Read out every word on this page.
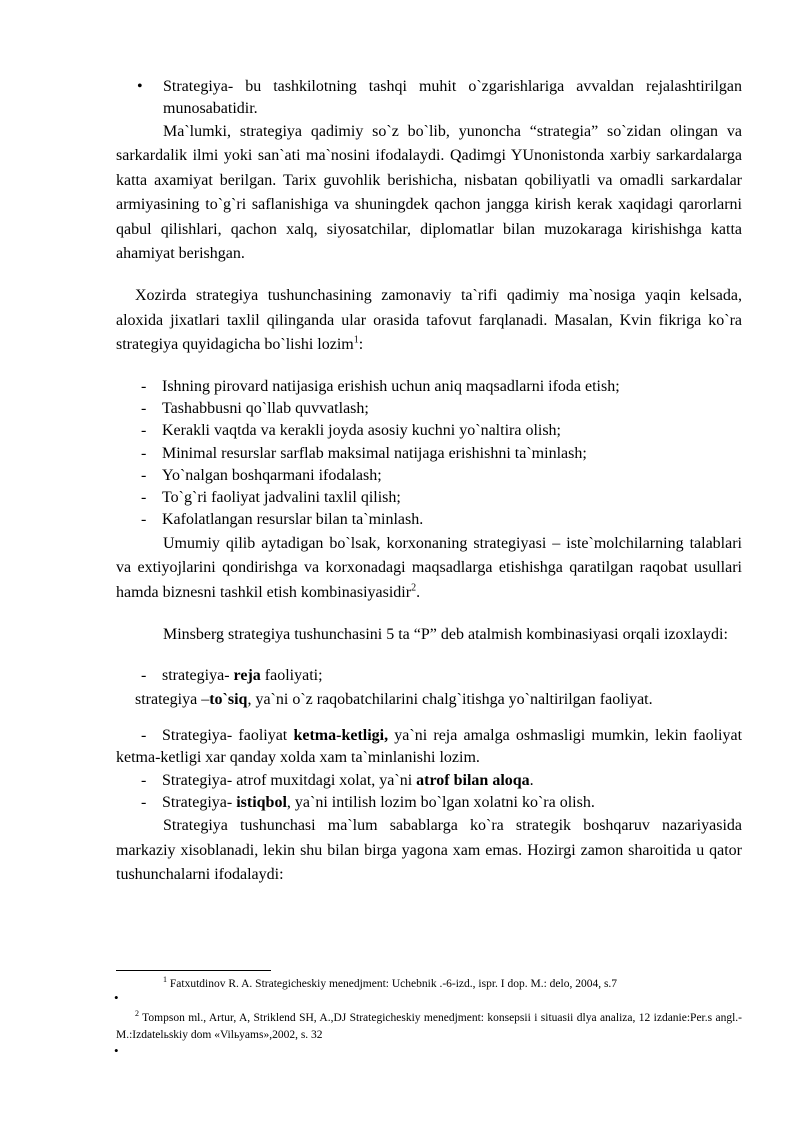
• Strategiya- bu tashkilotning tashqi muhit o`zgarishlariga avvaldan rejalashtirilgan munosabatidir.

Ma`lumki, strategiya qadimiy so`z bo`lib, yunoncha “strategia” so`zidan olingan va sarkardalik ilmi yoki san`ati ma`nosini ifodalaydi. Qadimgi YUnonistonda xarbiy sarkardalarga katta axamiyat berilgan. Tarix guvohlik berishicha, nisbatan qobiliyatli va omadli sarkardalar armiyasining to`g`ri saflanishiga va shuningdek qachon jangga kirish kerak xaqidagi qarorlarni qabul qilishlari, qachon xalq, siyosatchilar, diplomatlar bilan muzokaraga kirishishga katta ahamiyat berishgan.

Xozirda strategiya tushunchasining zamonaviy ta`rifi qadimiy ma`nosiga yaqin kelsada, aloxida jixatlari taxlil qilinganda ular orasida tafovut farqlanadi. Masalan, Kvin fikriga ko`ra strategiya quyidagicha bo`lishi lozim$^1$:

- Ishning pirovard natijasiga erishish uchun aniq maqsadlarni ifoda etish;

- Tashabbusni qo`llab quvvatlash;

- Kerakli vaqtda va kerakli joyda asosiy kuchni yo`naltira olish;

- Minimal resurslar sarflab maksimal natijaga erishishni ta`minlash;

- Yo`nalgan boshqarmani ifodalash;

- To`g`ri faoliyat jadvalini taxlil qilish;

- Kafolatlangan resurslar bilan ta`minlash.

Umumiy qilib aytadigan bo`lsak, korxonaning strategiyasi – iste`molchilarning talablari va extiyojlarini qondirishga va korxonadagi maqsadlarga etishishga qaratilgan raqobat usullari hamda biznesni tashkil etish kombinasiyasidir$^2$.

Minsberg strategiya tushunchasini 5 ta “P” deb atalmish kombinasiyasi orqali izoxlaydi:

- strategiya- reja faoliyati;

strategiya –to`siq, ya`ni o`z raqobatchilarini chalg`itishga yo`naltirilgan faoliyat.

- Strategiya- faoliyat ketma-ketligi, ya`ni reja amalga oshmasligi mumkin, lekin faoliyat ketma-ketligi xar qanday xolda xam ta`minlanishi lozim.

- Strategiya- atrof muxitdagi xolat, ya`ni atrof bilan aloqa.

- Strategiya- istiqbol, ya`ni intilish lozim bo`lgan xolatni ko`ra olish.

Strategiya tushunchasi ma`lum sabablarga ko`ra strategik boshqaruv nazariyasida markaziy xisoblanadi, lekin shu bilan birga yagona xam emas. Hozirgi zamon sharoitida u qator tushunchalarni ifodalaydi:

$^1$ Fatxutdinov R. A. Strategicheskiy menedjment: Uchebnik .-6-izd., ispr. I dop. M.: delo, 2004, s.7
•
$^2$ Tompson ml., Artur, A, Striklend SH, A.,DJ Strategicheskiy menedjment: konsepsii i situasii dlya analiza, 12 izdanie:Per.s angl.-M.:Izdatelьskiy dom «Vilьyams»,2002, s. 32
•
